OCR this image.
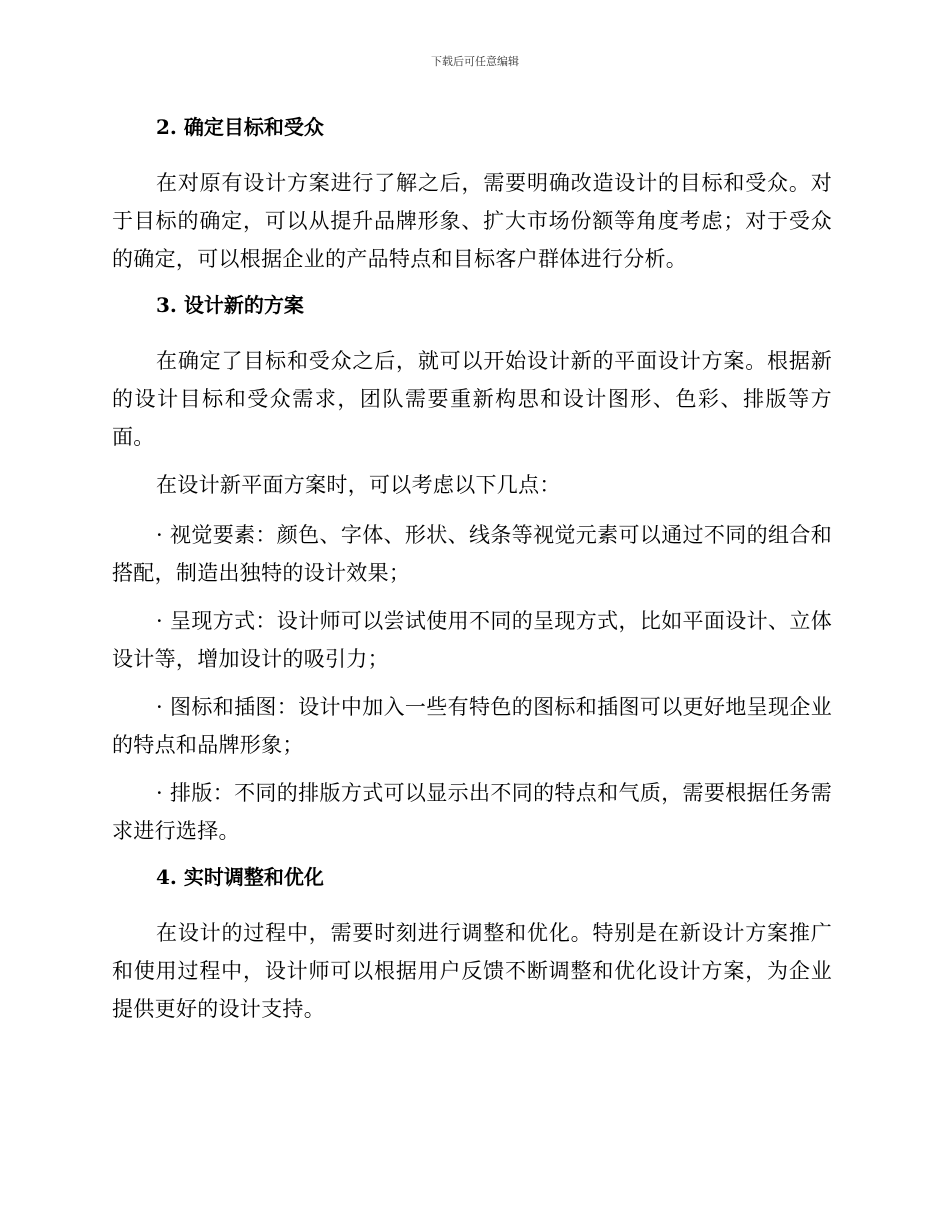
下载后可任意编辑
2. 确定目标和受众

在对原有设计方案进行了解之后，需要明确改造设计的目标和受众。对于目标的确定，可以从提升品牌形象、扩大市场份额等角度考虑；对于受众的确定，可以根据企业的产品特点和目标客户群体进行分析。

3. 设计新的方案

在确定了目标和受众之后，就可以开始设计新的平面设计方案。根据新的设计目标和受众需求，团队需要重新构思和设计图形、色彩、排版等方面。

在设计新平面方案时，可以考虑以下几点：

· 视觉要素：颜色、字体、形状、线条等视觉元素可以通过不同的组合和搭配，制造出独特的设计效果；

· 呈现方式：设计师可以尝试使用不同的呈现方式，比如平面设计、立体设计等，增加设计的吸引力；

· 图标和插图：设计中加入一些有特色的图标和插图可以更好地呈现企业的特点和品牌形象；

· 排版：不同的排版方式可以显示出不同的特点和气质，需要根据任务需求进行选择。

4. 实时调整和优化

在设计的过程中，需要时刻进行调整和优化。特别是在新设计方案推广和使用过程中，设计师可以根据用户反馈不断调整和优化设计方案，为企业提供更好的设计支持。
